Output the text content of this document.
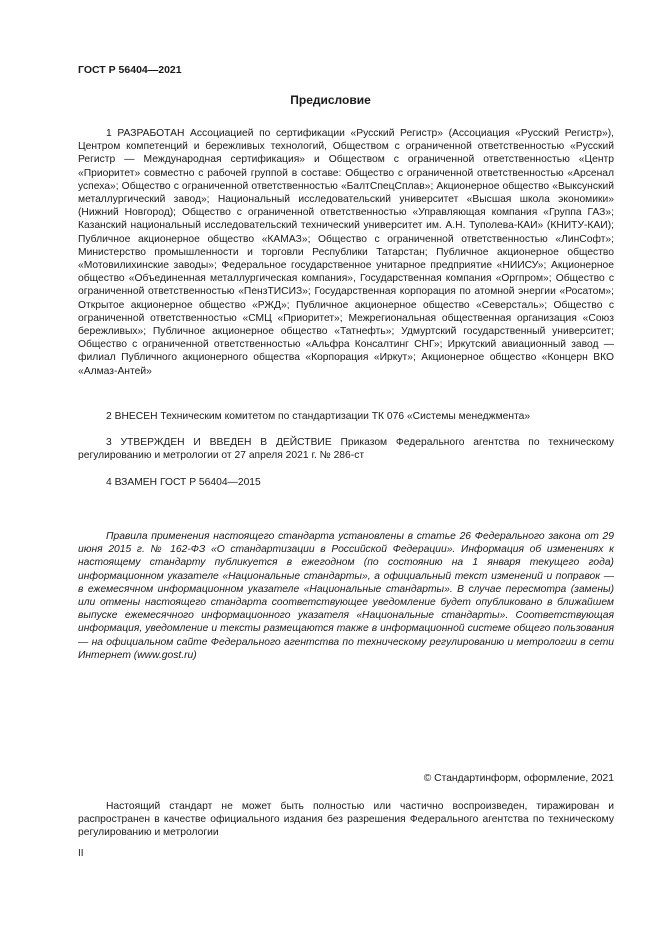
ГОСТ Р 56404—2021
Предисловие

1 РАЗРАБОТАН Ассоциацией по сертификации «Русский Регистр» (Ассоциация «Русский Регистр»), Центром компетенций и бережливых технологий, Обществом с ограниченной ответственностью «Русский Регистр — Международная сертификация» и Обществом с ограниченной ответственностью «Центр «Приоритет» совместно с рабочей группой в составе: Общество с ограниченной ответственностью «Арсенал успеха»; Общество с ограниченной ответственностью «БалтСпецСплав»; Акционерное общество «Выксунский металлургический завод»; Национальный исследовательский университет «Высшая школа экономики» (Нижний Новгород); Общество с ограниченной ответственностью «Управляющая компания «Группа ГАЗ»; Казанский национальный исследовательский технический университет им. А.Н. Туполева-КАИ» (КНИТУ-КАИ); Публичное акционерное общество «КАМАЗ»; Общество с ограниченной ответственностью «ЛинСофт»; Министерство промышленности и торговли Республики Татарстан; Публичное акционерное общество «Мотовилихинские заводы»; Федеральное государственное унитарное предприятие «НИИСУ»; Акционерное общество «Объединенная металлургическая компания», Государственная компания «Оргпром»; Общество с ограниченной ответственностью «ПензТИСИЗ»; Государственная корпорация по атомной энергии «Росатом»; Открытое акционерное общество «РЖД»; Публичное акционерное общество «Северсталь»; Общество с ограниченной ответственностью «СМЦ «Приоритет»; Межрегиональная общественная организация «Союз бережливых»; Публичное акционерное общество «Татнефть»; Удмуртский государственный университет; Общество с ограниченной ответственностью «Альфра Консалтинг СНГ»; Иркутский авиационный завод — филиал Публичного акционерного общества «Корпорация «Иркут»; Акционерное общество «Концерн ВКО «Алмаз-Антей»

2 ВНЕСЕН Техническим комитетом по стандартизации ТК 076 «Системы менеджмента»

3 УТВЕРЖДЕН И ВВЕДЕН В ДЕЙСТВИЕ Приказом Федерального агентства по техническому регулированию и метрологии от 27 апреля 2021 г. № 286-ст

4 ВЗАМЕН ГОСТ Р 56404—2015

Правила применения настоящего стандарта установлены в статье 26 Федерального закона от 29 июня 2015 г. № 162-ФЗ «О стандартизации в Российской Федерации». Информация об изменениях к настоящему стандарту публикуется в ежегодном (по состоянию на 1 января текущего года) информационном указателе «Национальные стандарты», а официальный текст изменений и поправок — в ежемесячном информационном указателе «Национальные стандарты». В случае пересмотра (замены) или отмены настоящего стандарта соответствующее уведомление будет опубликовано в ближайшем выпуске ежемесячного информационного указателя «Национальные стандарты». Соответствующая информация, уведомление и тексты размещаются также в информационной системе общего пользования — на официальном сайте Федерального агентства по техническому регулированию и метрологии в сети Интернет (www.gost.ru)

© Стандартинформ, оформление, 2021

Настоящий стандарт не может быть полностью или частично воспроизведен, тиражирован и распространен в качестве официального издания без разрешения Федерального агентства по техническому регулированию и метрологии

II
